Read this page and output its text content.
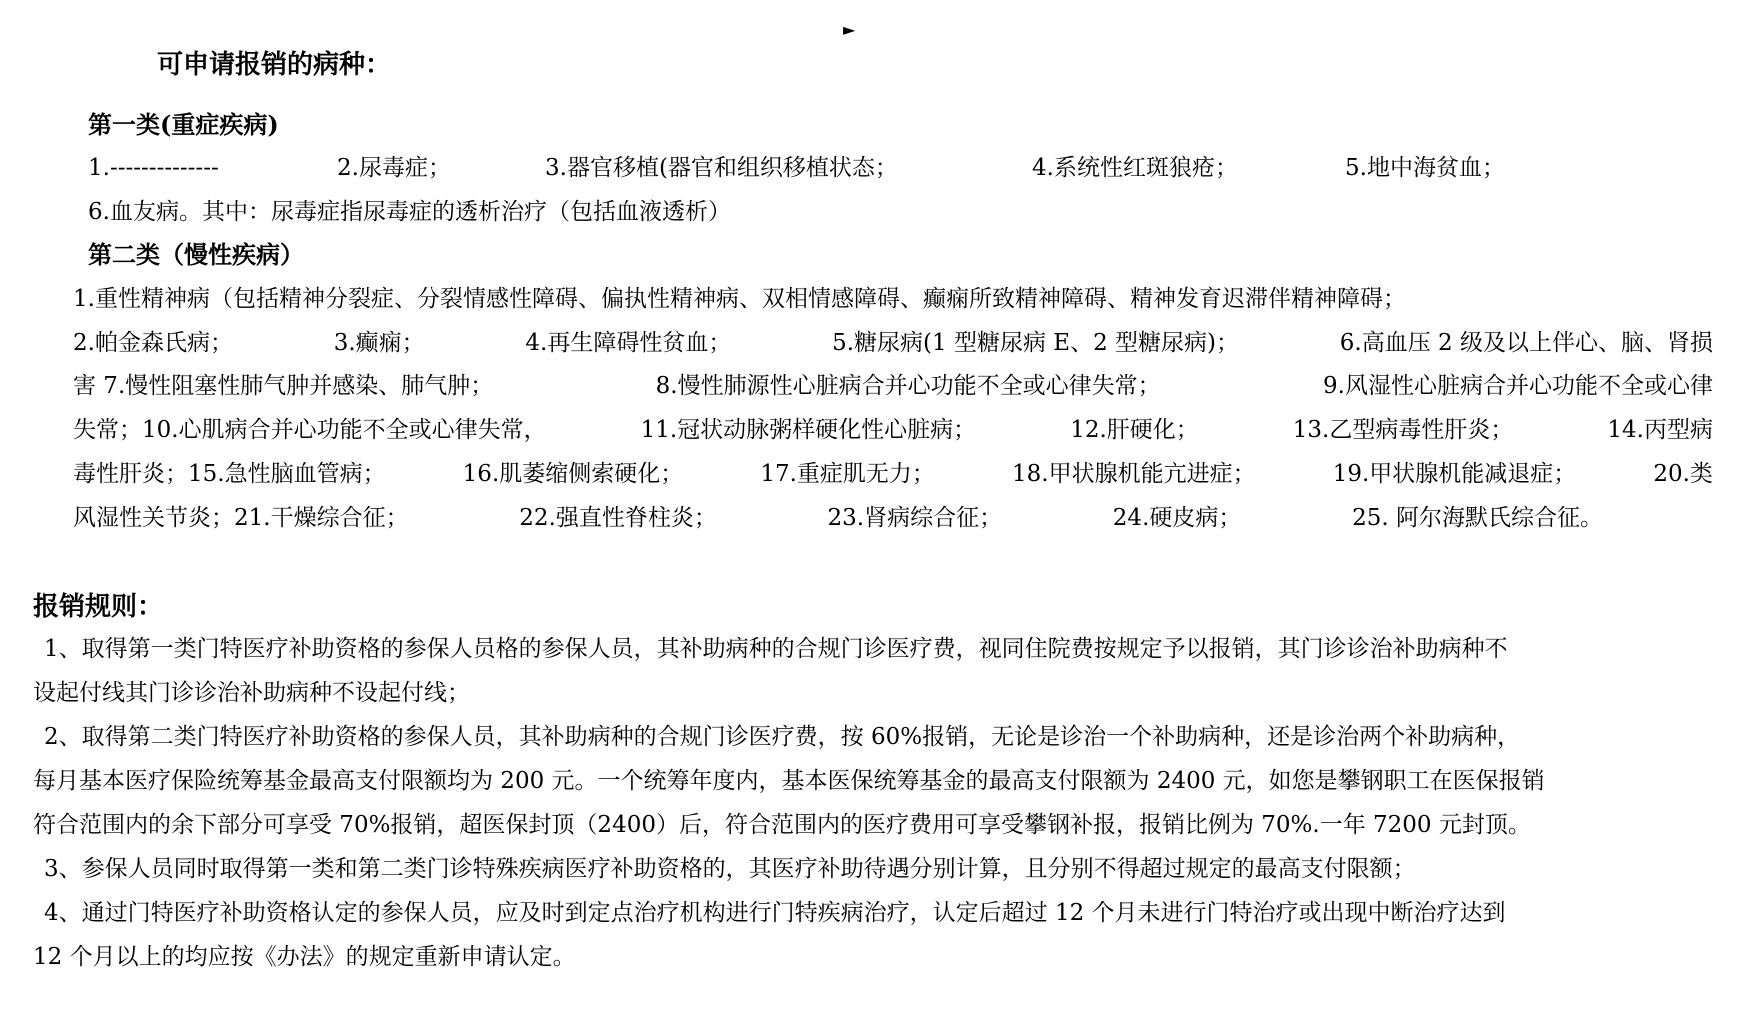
►
可申请报销的病种：
第一类(重症疾病)
1.--------------	2.尿毒症；	3.器官移植(器官和组织移植状态；	4.系统性红斑狼疮；	5.地中海贫血；
6.血友病。其中：尿毒症指尿毒症的透析治疗（包括血液透析）
第二类（慢性疾病）
1.重性精神病（包括精神分裂症、分裂情感性障碍、偏执性精神病、双相情感障碍、癫痫所致精神障碍、精神发育迟滞伴精神障碍；
2.帕金森氏病；	3.癫痫；	4.再生障碍性贫血；	5.糖尿病(1 型糖尿病 E、2 型糖尿病)；	6.高血压 2 级及以上伴心、脑、肾损
害 7.慢性阻塞性肺气肿并感染、肺气肿；	8.慢性肺源性心脏病合并心功能不全或心律失常；	9.风湿性心脏病合并心功能不全或心律
失常；10.心肌病合并心功能不全或心律失常，	11.冠状动脉粥样硬化性心脏病；	12.肝硬化；	13.乙型病毒性肝炎；	14.丙型病
毒性肝炎；15.急性脑血管病；	16.肌萎缩侧索硬化；	17.重症肌无力；	18.甲状腺机能亢进症；	19.甲状腺机能减退症；	20.类
风湿性关节炎；21.干燥综合征；	22.强直性脊柱炎；	23.肾病综合征；	24.硬皮病；	25. 阿尔海默氏综合征。
报销规则：
1、取得第一类门特医疗补助资格的参保人员格的参保人员，其补助病种的合规门诊医疗费，视同住院费按规定予以报销，其门诊诊治补助病种不
设起付线其门诊诊治补助病种不设起付线；
2、取得第二类门特医疗补助资格的参保人员，其补助病种的合规门诊医疗费，按 60%报销，无论是诊治一个补助病种，还是诊治两个补助病种，
每月基本医疗保险统筹基金最高支付限额均为 200 元。一个统筹年度内，基本医保统筹基金的最高支付限额为 2400 元，如您是攀钢职工在医保报销
符合范围内的余下部分可享受 70%报销，超医保封顶（2400）后，符合范围内的医疗费用可享受攀钢补报，报销比例为 70%.一年 7200 元封顶。
3、参保人员同时取得第一类和第二类门诊特殊疾病医疗补助资格的，其医疗补助待遇分别计算，且分别不得超过规定的最高支付限额；
4、通过门特医疗补助资格认定的参保人员，应及时到定点治疗机构进行门特疾病治疗，认定后超过 12 个月未进行门特治疗或出现中断治疗达到
12 个月以上的均应按《办法》的规定重新申请认定。
